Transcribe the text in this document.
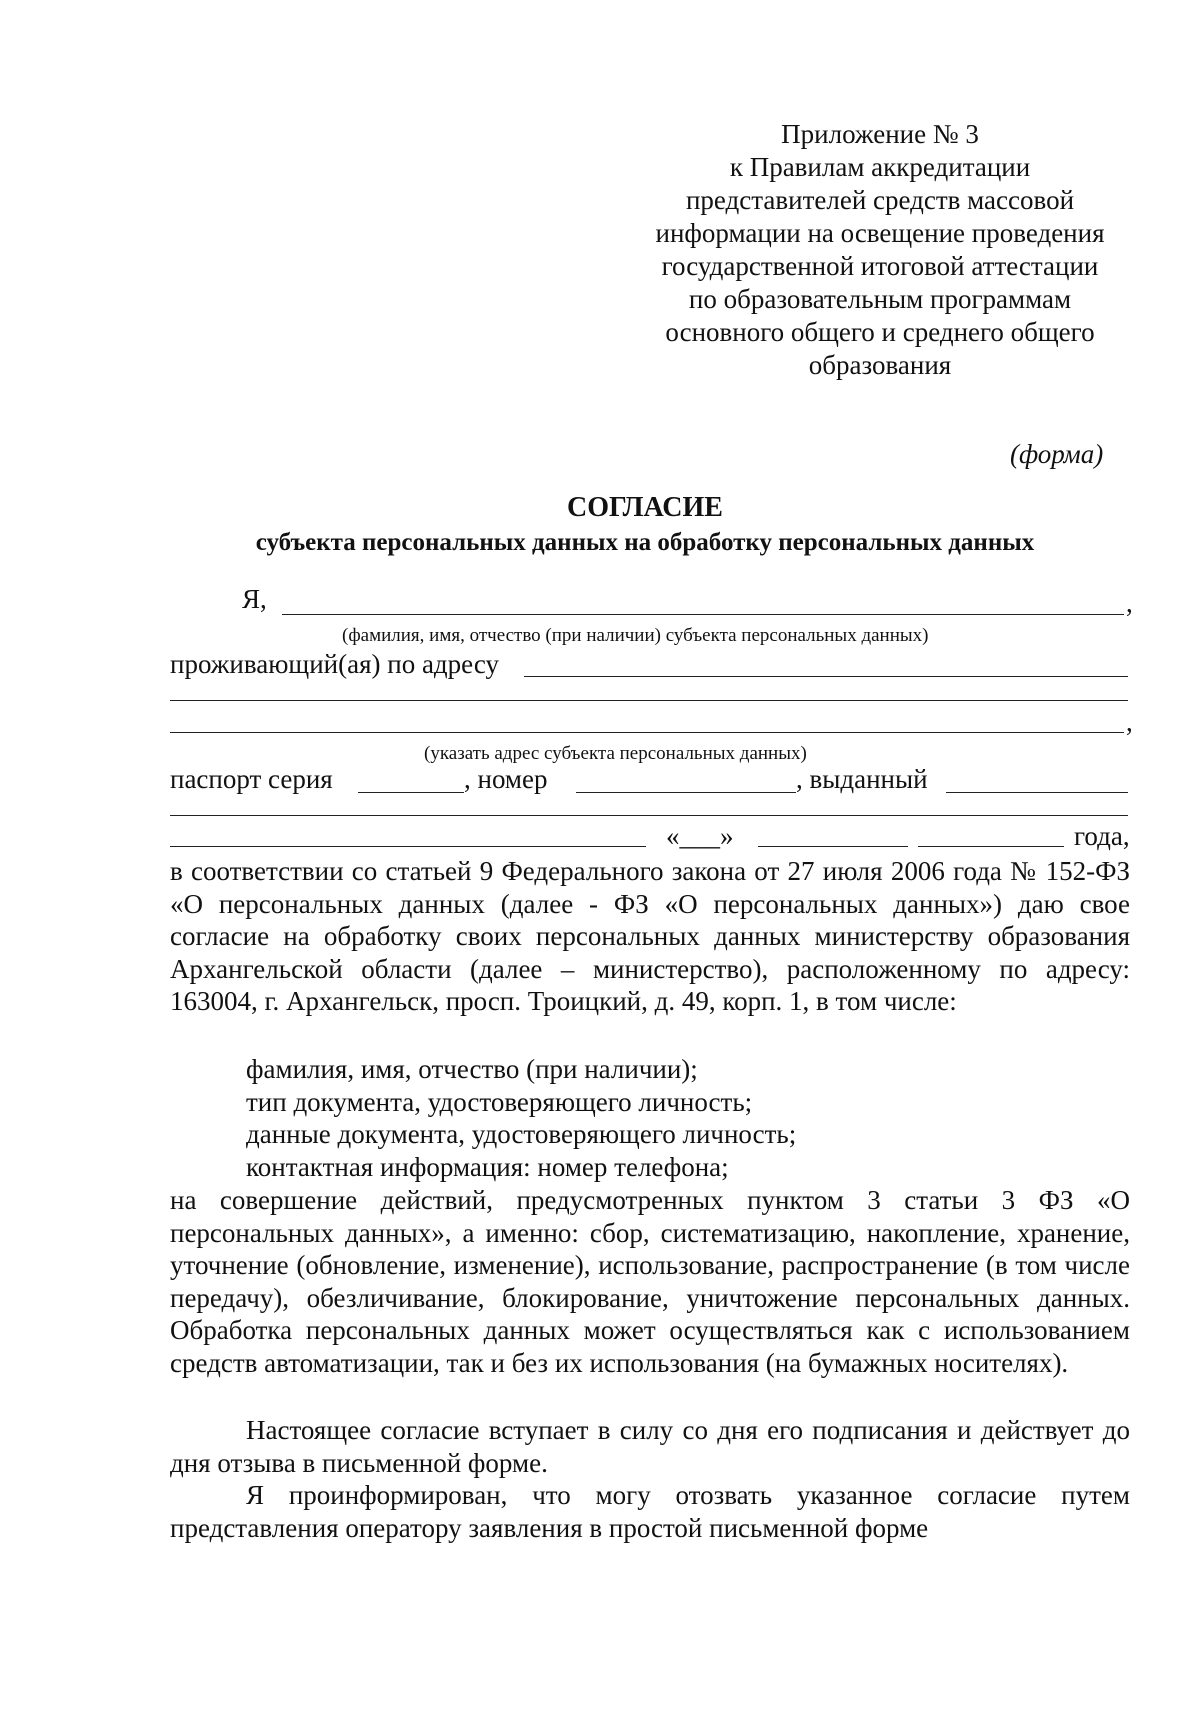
Приложение № 3
к Правилам аккредитации
представителей средств массовой
информации на освещение проведения
государственной итоговой аттестации
по образовательным программам
основного общего и среднего общего
образования
(форма)
СОГЛАСИЕ
субъекта персональных данных на обработку персональных данных
Я,	,
(фамилия, имя, отчество (при наличии) субъекта персональных данных)
проживающий(ая) по адресу
,
(указать адрес субъекта персональных данных)
паспорт серия	, номер	, выданный
«___»	года,
в соответствии со статьей 9 Федерального закона от 27 июля 2006 года № 152-ФЗ «О персональных данных (далее - ФЗ «О персональных данных») даю свое согласие на обработку своих персональных данных министерству образования Архангельской области (далее – министерство), расположенному по адресу: 163004, г. Архангельск, просп. Троицкий, д. 49, корп. 1, в том числе:
фамилия, имя, отчество (при наличии);
тип документа, удостоверяющего личность;
данные документа, удостоверяющего личность;
контактная информация: номер телефона;
на совершение действий, предусмотренных пунктом 3 статьи 3 ФЗ «О персональных данных», а именно: сбор, систематизацию, накопление, хранение, уточнение (обновление, изменение), использование, распространение (в том числе передачу), обезличивание, блокирование, уничтожение персональных данных. Обработка персональных данных может осуществляться как с использованием средств автоматизации, так и без их использования (на бумажных носителях).
Настоящее согласие вступает в силу со дня его подписания и действует до дня отзыва в письменной форме.
Я проинформирован, что могу отозвать указанное согласие путем представления оператору заявления в простой письменной форме
